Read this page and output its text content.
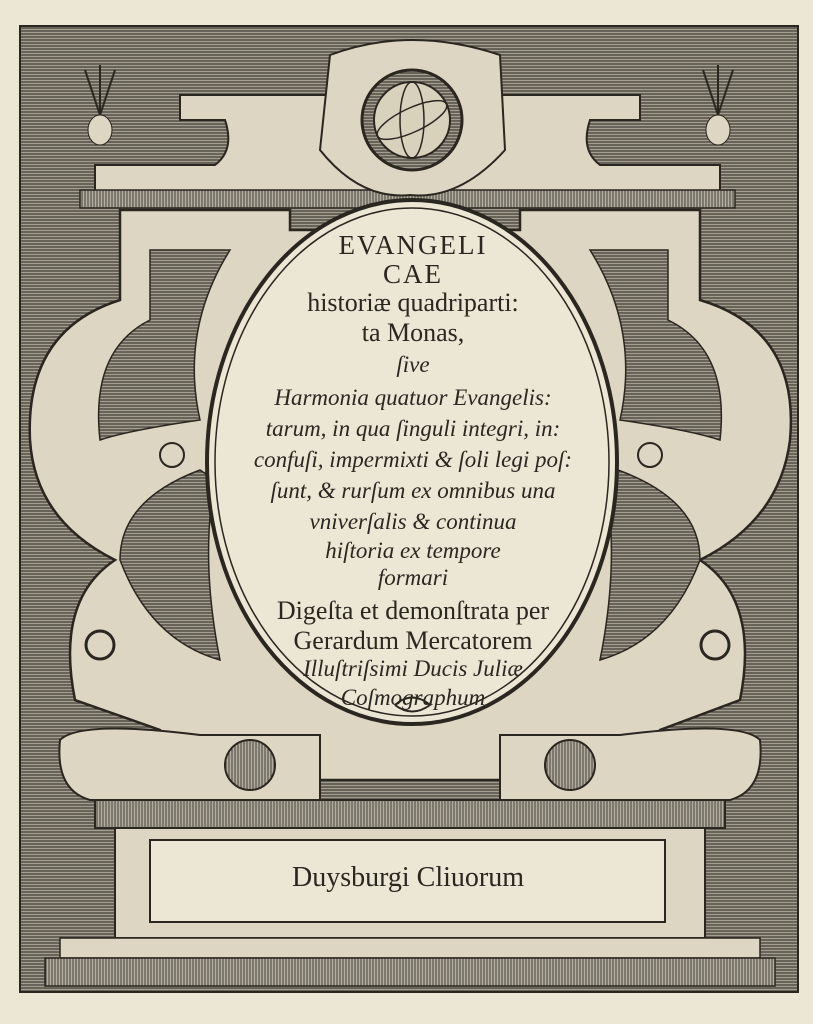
EVANGELI
CAE
historiæ quadriparti:
ta Monas,
ſive
Harmonia quatuor Evangelis:
tarum, in qua ſinguli integri, in:
confuſi, impermixti & ſoli legi poſ:
ſunt, & rurſum ex omnibus una
vniverſalis & continua
hiſtoria ex tempore
formari
Digeſta et demonſtrata per
Gerardum Mercatorem
Illuſtriſsimi Ducis Juliæ
Coſmographum
Duysburgi Cliuorum
